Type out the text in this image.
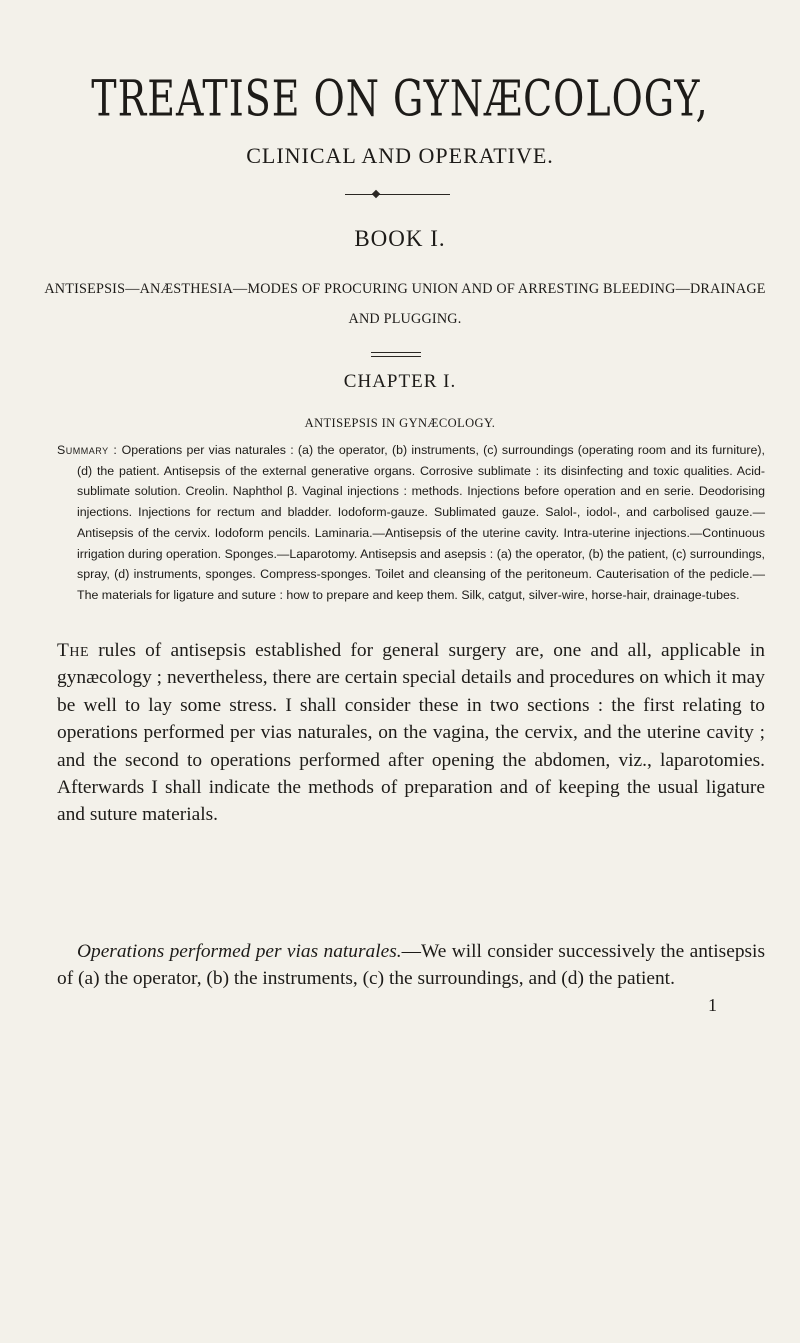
TREATISE ON GYNÆCOLOGY,

CLINICAL AND OPERATIVE.

BOOK I.

ANTISEPSIS—ANÆSTHESIA—MODES OF PROCURING UNION AND OF ARRESTING BLEEDING—DRAINAGE AND PLUGGING.

CHAPTER I.

ANTISEPSIS IN GYNÆCOLOGY.

Summary : Operations per vias naturales : (a) the operator, (b) instruments, (c) surroundings (operating room and its furniture), (d) the patient. Antisepsis of the external generative organs. Corrosive sublimate : its disinfecting and toxic qualities. Acid-sublimate solution. Creolin. Naphthol β. Vaginal injections : methods. Injections before operation and en serie. Deodorising injections. Injections for rectum and bladder. Iodoform-gauze. Sublimated gauze. Salol-, iodol-, and carbolised gauze.—Antisepsis of the cervix. Iodoform pencils. Laminaria.—Antisepsis of the uterine cavity. Intra-uterine injections.—Continuous irrigation during operation. Sponges.—Laparotomy. Antisepsis and asepsis : (a) the operator, (b) the patient, (c) surroundings, spray, (d) instruments, sponges. Compress-sponges. Toilet and cleansing of the peritoneum. Cauterisation of the pedicle.—The materials for ligature and suture : how to prepare and keep them. Silk, catgut, silver-wire, horse-hair, drainage-tubes.

The rules of antisepsis established for general surgery are, one and all, applicable in gynæcology ; nevertheless, there are certain special details and procedures on which it may be well to lay some stress. I shall consider these in two sections : the first relating to operations performed per vias naturales, on the vagina, the cervix, and the uterine cavity ; and the second to operations performed after opening the abdomen, viz., laparotomies. Afterwards I shall indicate the methods of preparation and of keeping the usual ligature and suture materials.

Operations performed per vias naturales.—We will consider successively the antisepsis of (a) the operator, (b) the instruments, (c) the surroundings, and (d) the patient.

1
